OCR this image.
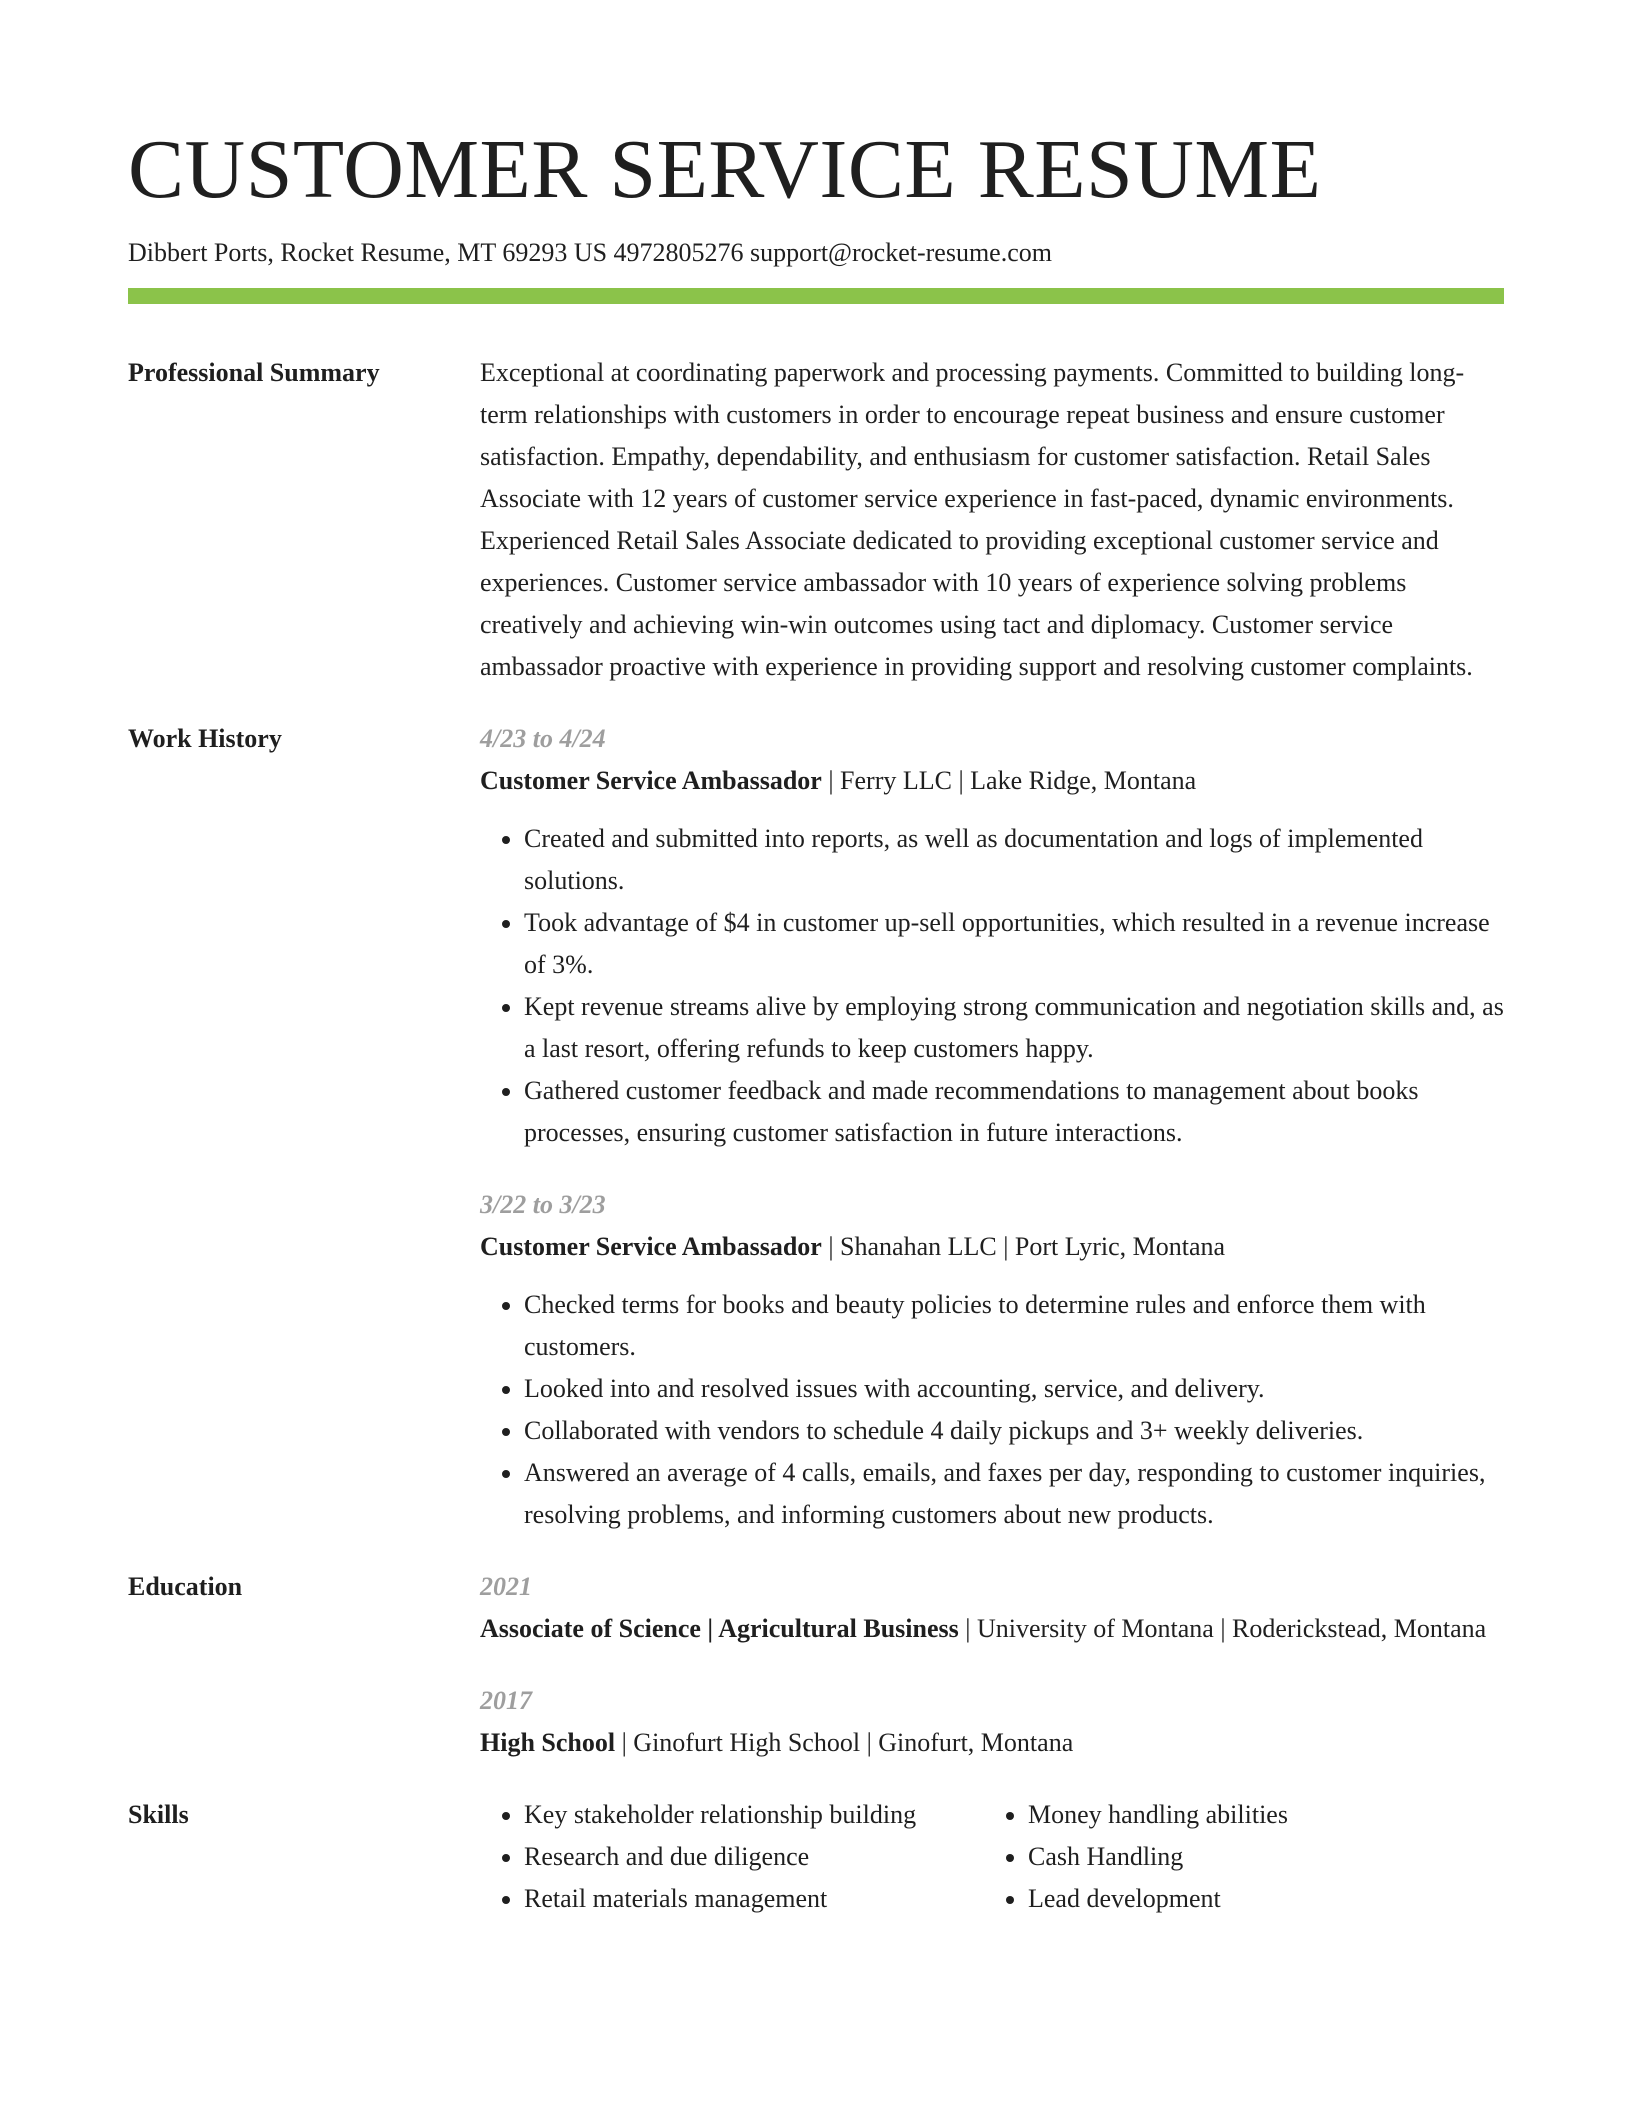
CUSTOMER SERVICE RESUME
Dibbert Ports, Rocket Resume, MT 69293 US 4972805276 support@rocket-resume.com
Professional Summary	Exceptional at coordinating paperwork and processing payments. Committed to building long-term relationships with customers in order to encourage repeat business and ensure customer satisfaction. Empathy, dependability, and enthusiasm for customer satisfaction. Retail Sales Associate with 12 years of customer service experience in fast-paced, dynamic environments. Experienced Retail Sales Associate dedicated to providing exceptional customer service and experiences. Customer service ambassador with 10 years of experience solving problems creatively and achieving win-win outcomes using tact and diplomacy. Customer service ambassador proactive with experience in providing support and resolving customer complaints.

Work History	4/23 to 4/24
Customer Service Ambassador | Ferry LLC | Lake Ridge, Montana
• Created and submitted into reports, as well as documentation and logs of implemented solutions.
• Took advantage of $4 in customer up-sell opportunities, which resulted in a revenue increase of 3%.
• Kept revenue streams alive by employing strong communication and negotiation skills and, as a last resort, offering refunds to keep customers happy.
• Gathered customer feedback and made recommendations to management about books processes, ensuring customer satisfaction in future interactions.
3/22 to 3/23
Customer Service Ambassador | Shanahan LLC | Port Lyric, Montana
• Checked terms for books and beauty policies to determine rules and enforce them with customers.
• Looked into and resolved issues with accounting, service, and delivery.
• Collaborated with vendors to schedule 4 daily pickups and 3+ weekly deliveries.
• Answered an average of 4 calls, emails, and faxes per day, responding to customer inquiries, resolving problems, and informing customers about new products.
Education	2021
Associate of Science | Agricultural Business | University of Montana | Roderickstead, Montana
2017
High School | Ginofurt High School | Ginofurt, Montana
Skills
•	Key stakeholder relationship building
• Research and due diligence
• Retail materials management
• Money handling abilities
• Cash Handling
• Lead development
